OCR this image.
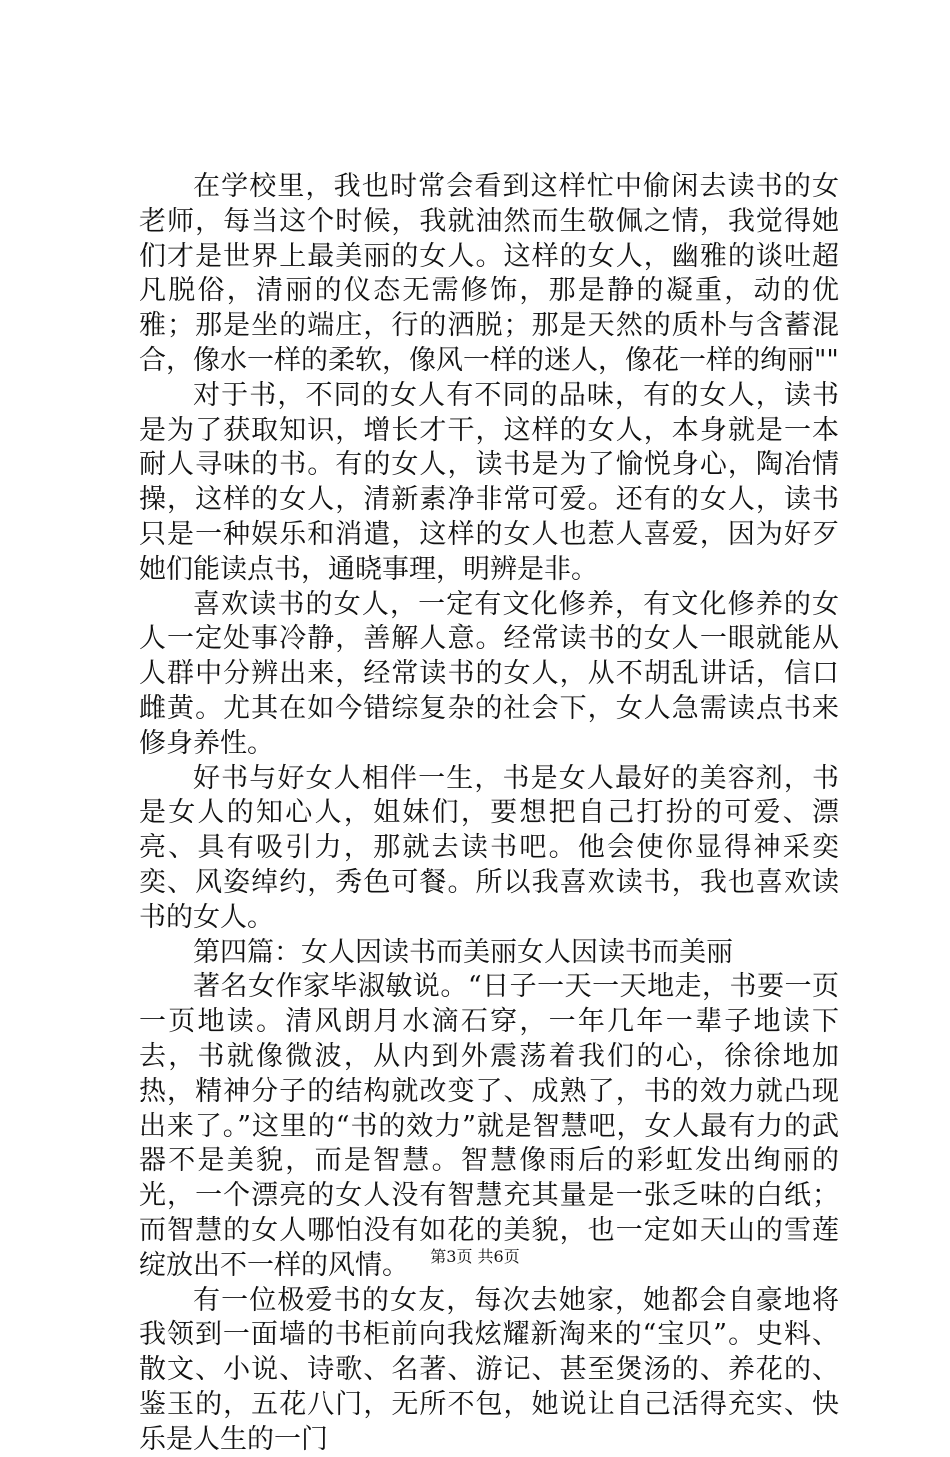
在学校里，我也时常会看到这样忙中偷闲去读书的女老师，每当这个时候，我就油然而生敬佩之情，我觉得她们才是世界上最美丽的女人。这样的女人，幽雅的谈吐超凡脱俗，清丽的仪态无需修饰，那是静的凝重，动的优雅；那是坐的端庄，行的洒脱；那是天然的质朴与含蓄混合，像水一样的柔软，像风一样的迷人，像花一样的绚丽""

对于书，不同的女人有不同的品味，有的女人，读书是为了获取知识，增长才干，这样的女人，本身就是一本耐人寻味的书。有的女人，读书是为了愉悦身心，陶冶情操，这样的女人，清新素净非常可爱。还有的女人，读书只是一种娱乐和消遣，这样的女人也惹人喜爱，因为好歹她们能读点书，通晓事理，明辨是非。

喜欢读书的女人，一定有文化修养，有文化修养的女人一定处事冷静，善解人意。经常读书的女人一眼就能从人群中分辨出来，经常读书的女人，从不胡乱讲话，信口雌黄。尤其在如今错综复杂的社会下，女人急需读点书来修身养性。

好书与好女人相伴一生，书是女人最好的美容剂，书是女人的知心人，姐妹们，要想把自己打扮的可爱、漂亮、具有吸引力，那就去读书吧。他会使你显得神采奕奕、风姿绰约，秀色可餐。所以我喜欢读书，我也喜欢读书的女人。

第四篇：女人因读书而美丽女人因读书而美丽

著名女作家毕淑敏说。“日子一天一天地走，书要一页一页地读。清风朗月水滴石穿，一年几年一辈子地读下去，书就像微波，从内到外震荡着我们的心，徐徐地加热，精神分子的结构就改变了、成熟了，书的效力就凸现出来了。”这里的“书的效力”就是智慧吧，女人最有力的武器不是美貌，而是智慧。智慧像雨后的彩虹发出绚丽的光，一个漂亮的女人没有智慧充其量是一张乏味的白纸；而智慧的女人哪怕没有如花的美貌，也一定如天山的雪莲绽放出不一样的风情。

有一位极爱书的女友，每次去她家，她都会自豪地将我领到一面墙的书柜前向我炫耀新淘来的“宝贝”。史料、散文、小说、诗歌、名著、游记、甚至煲汤的、养花的、鉴玉的，五花八门，无所不包，她说让自己活得充实、快乐是人生的一门

第3页 共6页
